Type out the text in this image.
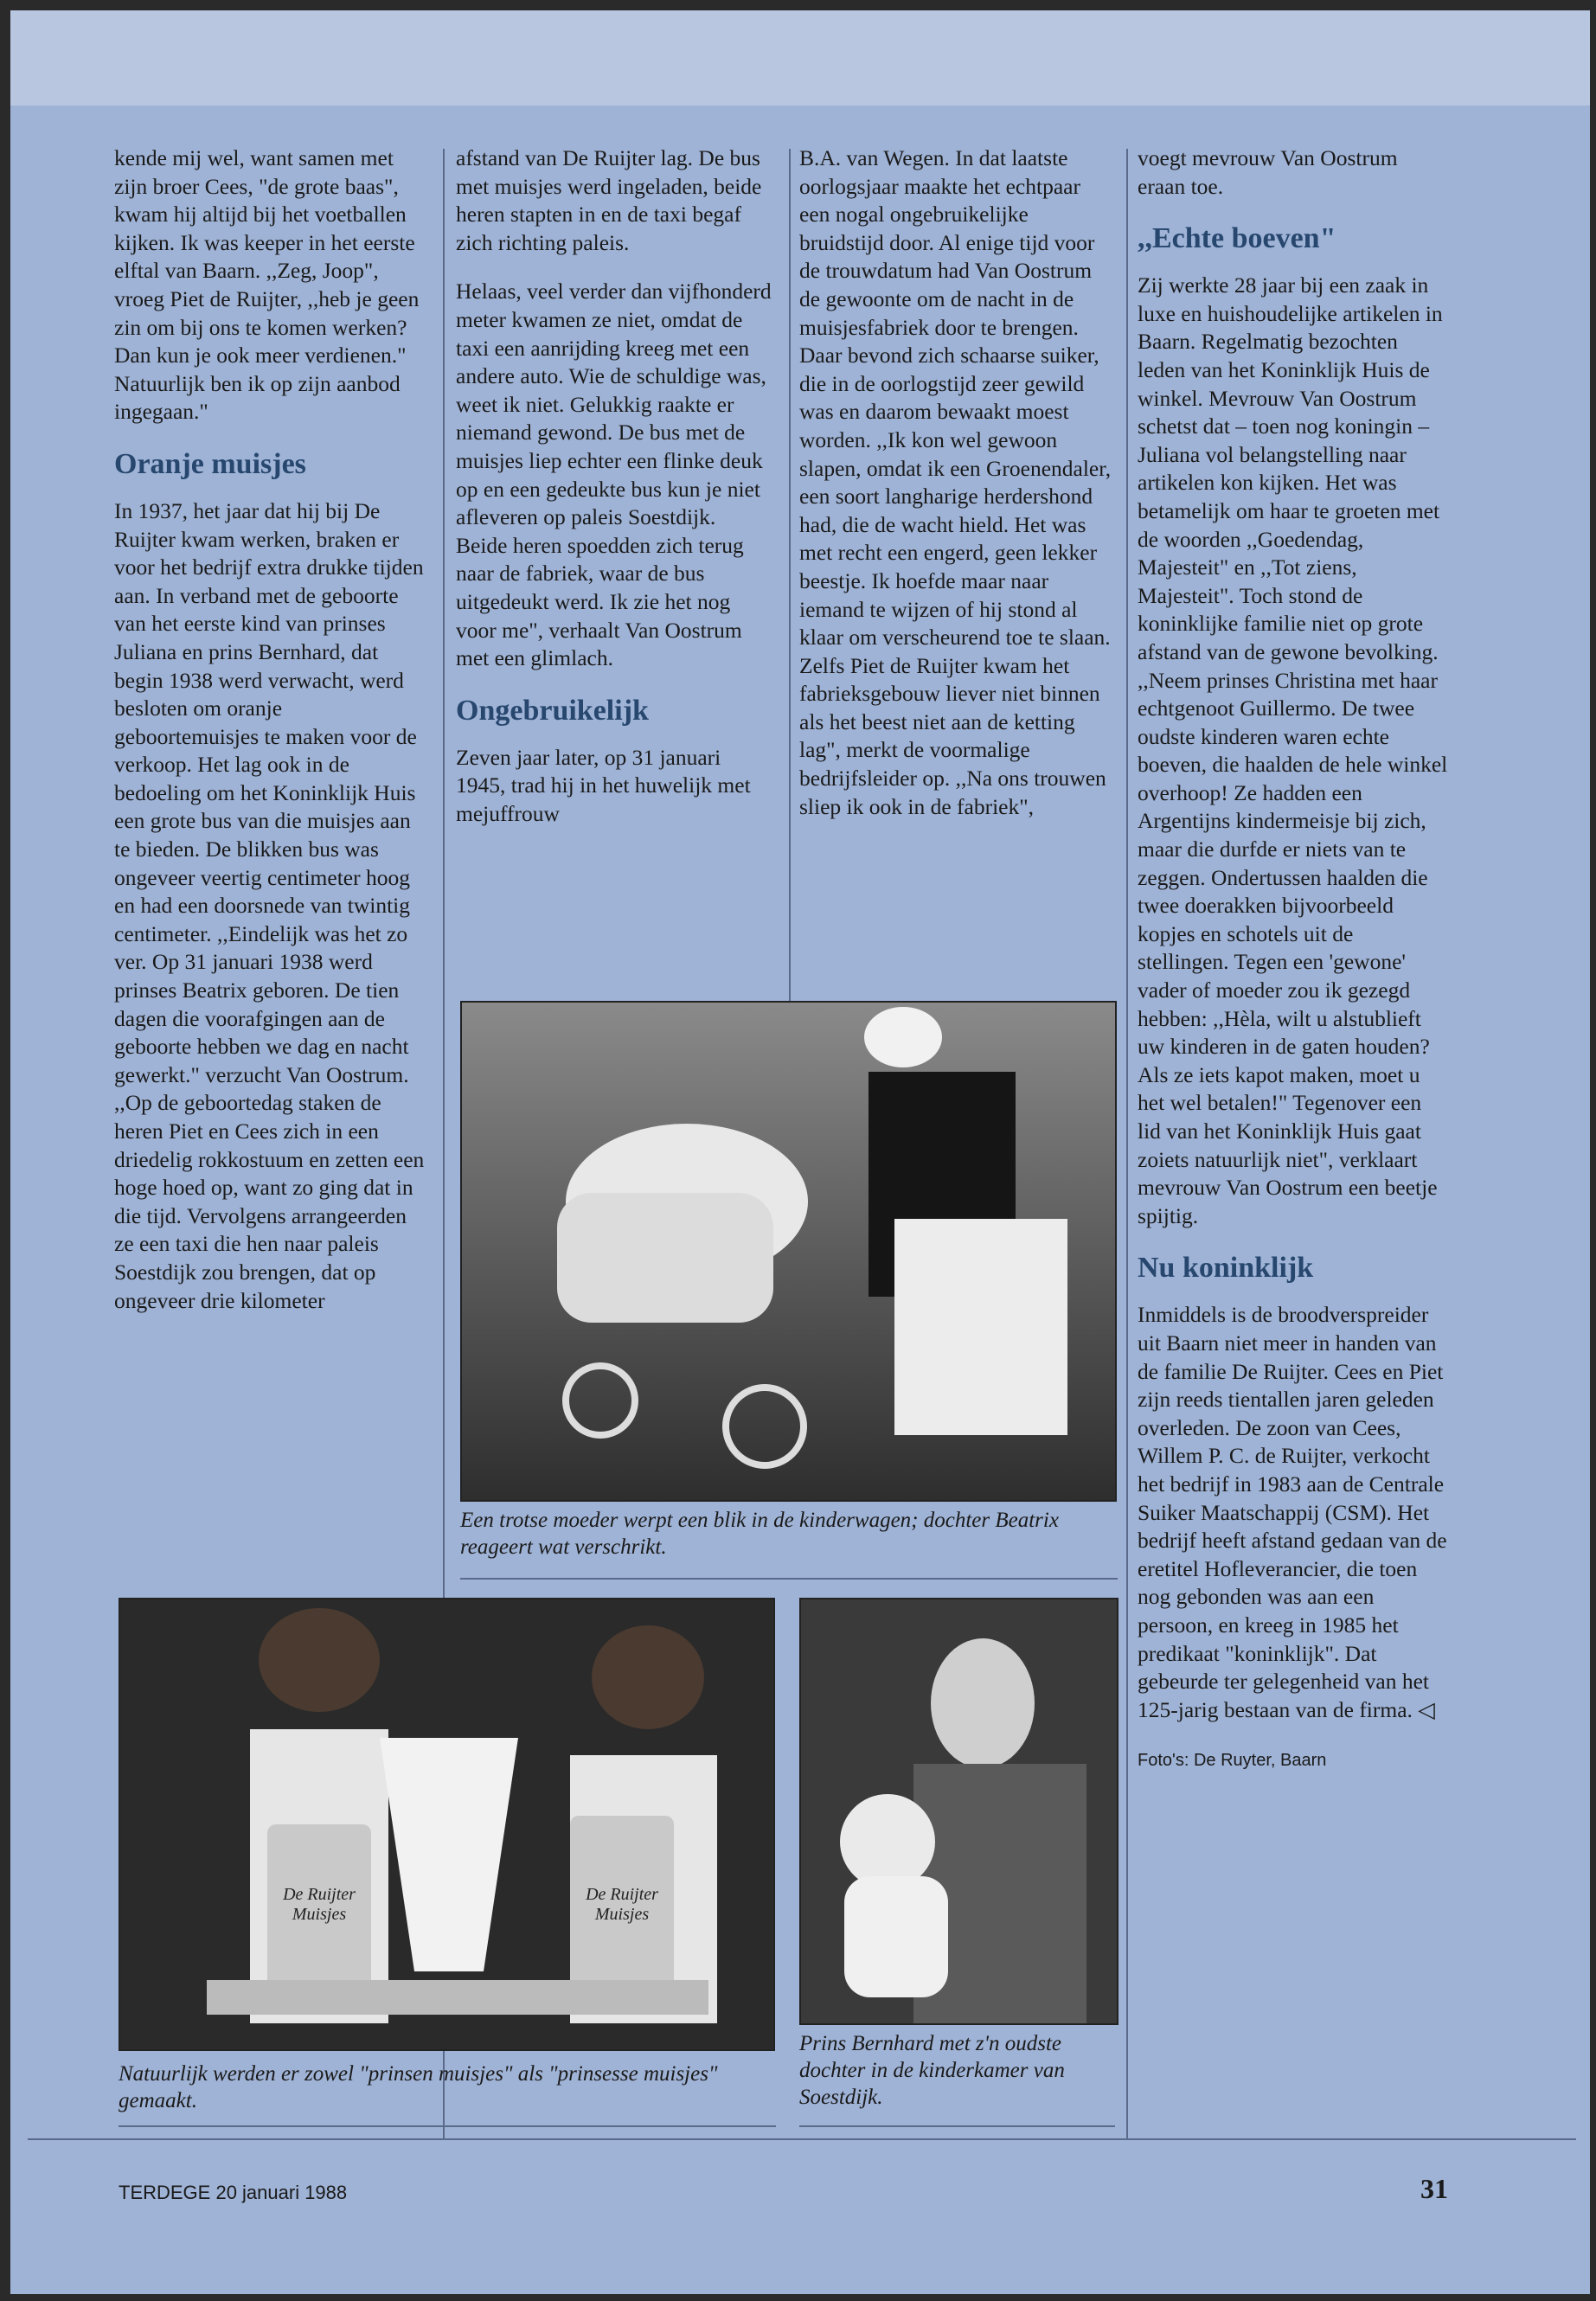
kende mij wel, want samen met zijn broer Cees, "de grote baas", kwam hij altijd bij het voetballen kijken. Ik was keeper in het eerste elftal van Baarn. ,,Zeg, Joop", vroeg Piet de Ruijter, ,,heb je geen zin om bij ons te komen werken? Dan kun je ook meer verdienen." Natuurlijk ben ik op zijn aanbod ingegaan."

Oranje muisjes

In 1937, het jaar dat hij bij De Ruijter kwam werken, braken er voor het bedrijf extra drukke tijden aan. In verband met de geboorte van het eerste kind van prinses Juliana en prins Bernhard, dat begin 1938 werd verwacht, werd besloten om oranje geboortemuisjes te maken voor de verkoop. Het lag ook in de bedoeling om het Koninklijk Huis een grote bus van die muisjes aan te bieden. De blikken bus was ongeveer veertig centimeter hoog en had een doorsnede van twintig centimeter. ,,Eindelijk was het zo ver. Op 31 januari 1938 werd prinses Beatrix geboren. De tien dagen die voorafgingen aan de geboorte hebben we dag en nacht gewerkt." verzucht Van Oostrum. ,,Op de geboortedag staken de heren Piet en Cees zich in een driedelig rokkostuum en zetten een hoge hoed op, want zo ging dat in die tijd. Vervolgens arrangeerden ze een taxi die hen naar paleis Soestdijk zou brengen, dat op ongeveer drie kilometer

afstand van De Ruijter lag. De bus met muisjes werd ingeladen, beide heren stapten in en de taxi begaf zich richting paleis.

Helaas, veel verder dan vijfhonderd meter kwamen ze niet, omdat de taxi een aanrijding kreeg met een andere auto. Wie de schuldige was, weet ik niet. Gelukkig raakte er niemand gewond. De bus met de muisjes liep echter een flinke deuk op en een gedeukte bus kun je niet afleveren op paleis Soestdijk. Beide heren spoedden zich terug naar de fabriek, waar de bus uitgedeukt werd. Ik zie het nog voor me", verhaalt Van Oostrum met een glimlach.

Ongebruikelijk

Zeven jaar later, op 31 januari 1945, trad hij in het huwelijk met mejuffrouw

B.A. van Wegen. In dat laatste oorlogsjaar maakte het echtpaar een nogal ongebruikelijke bruidstijd door. Al enige tijd voor de trouwdatum had Van Oostrum de gewoonte om de nacht in de muisjesfabriek door te brengen. Daar bevond zich schaarse suiker, die in de oorlogstijd zeer gewild was en daarom bewaakt moest worden. ,,Ik kon wel gewoon slapen, omdat ik een Groenendaler, een soort langharige herdershond had, die de wacht hield. Het was met recht een engerd, geen lekker beestje. Ik hoefde maar naar iemand te wijzen of hij stond al klaar om verscheurend toe te slaan. Zelfs Piet de Ruijter kwam het fabrieksgebouw liever niet binnen als het beest niet aan de ketting lag", merkt de voormalige bedrijfsleider op. ,,Na ons trouwen sliep ik ook in de fabriek",

voegt mevrouw Van Oostrum eraan toe.

,,Echte boeven"

Zij werkte 28 jaar bij een zaak in luxe en huishoudelijke artikelen in Baarn. Regelmatig bezochten leden van het Koninklijk Huis de winkel. Mevrouw Van Oostrum schetst dat – toen nog koningin – Juliana vol belangstelling naar artikelen kon kijken. Het was betamelijk om haar te groeten met de woorden ,,Goedendag, Majesteit" en ,,Tot ziens, Majesteit". Toch stond de koninklijke familie niet op grote afstand van de gewone bevolking. ,,Neem prinses Christina met haar echtgenoot Guillermo. De twee oudste kinderen waren echte boeven, die haalden de hele winkel overhoop! Ze hadden een Argentijns kindermeisje bij zich, maar die durfde er niets van te zeggen. Ondertussen haalden die twee doerakken bijvoorbeeld kopjes en schotels uit de stellingen. Tegen een 'gewone' vader of moeder zou ik gezegd hebben: ,,Hèla, wilt u alstublieft uw kinderen in de gaten houden? Als ze iets kapot maken, moet u het wel betalen!" Tegenover een lid van het Koninklijk Huis gaat zoiets natuurlijk niet", verklaart mevrouw Van Oostrum een beetje spijtig.

Nu koninklijk

Inmiddels is de broodverspreider uit Baarn niet meer in handen van de familie De Ruijter. Cees en Piet zijn reeds tientallen jaren geleden overleden. De zoon van Cees, Willem P. C. de Ruijter, verkocht het bedrijf in 1983 aan de Centrale Suiker Maatschappij (CSM). Het bedrijf heeft afstand gedaan van de eretitel Hofleverancier, die toen nog gebonden was aan een persoon, en kreeg in 1985 het predikaat "koninklijk". Dat gebeurde ter gelegenheid van het 125-jarig bestaan van de firma. ◁

Foto's: De Ruyter, Baarn

Een trotse moeder werpt een blik in de kinderwagen; dochter Beatrix reageert wat verschrikt.
De Ruijter Muisjes
De Ruijter Muisjes
Natuurlijk werden er zowel "prinsen muisjes" als "prinsesse muisjes" gemaakt.
Prins Bernhard met z'n oudste dochter in de kinderkamer van Soestdijk.
TERDEGE 20 januari 1988	31
